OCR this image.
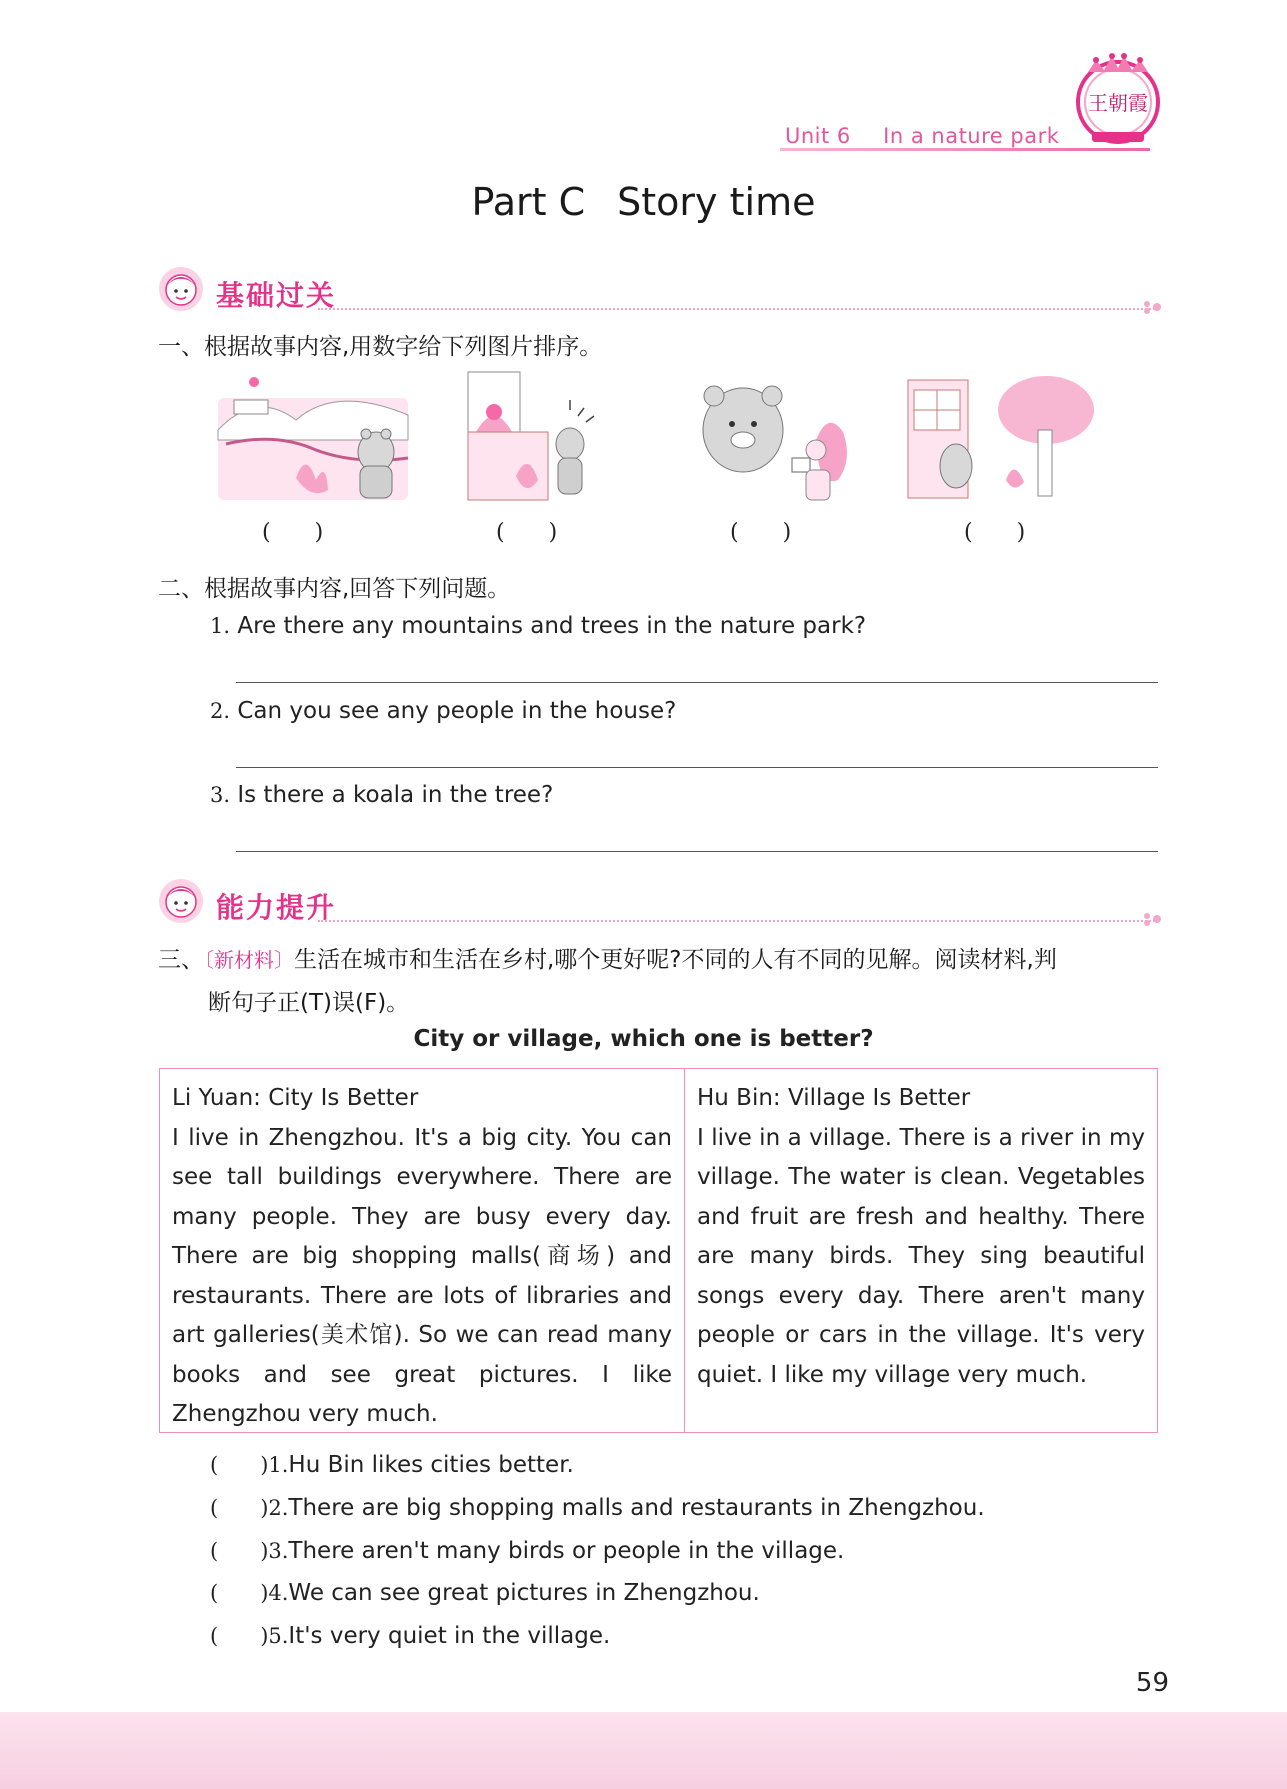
Unit 6 In a nature park
王朝霞
Part C Story time
基础过关
一、根据故事内容,用数字给下列图片排序。
(　　)	(　　)	(　　)	(　　)
二、根据故事内容,回答下列问题。
1. Are there any mountains and trees in the nature park?
2. Can you see any people in the house?
3. Is there a koala in the tree?
能力提升
三、〔新材料〕生活在城市和生活在乡村,哪个更好呢?不同的人有不同的见解。阅读材料,判
断句子正(T)误(F)。
City or village, which one is better?
Li Yuan: City Is Better
I live in Zhengzhou. It's a big city. You can see tall buildings everywhere. There are many people. They are busy every day. There are big shopping malls(商场) and restaurants. There are lots of libraries and art galleries(美术馆). So we can read many books and see great pictures. I like Zhengzhou very much.
Hu Bin: Village Is Better
I live in a village. There is a river in my village. The water is clean. Vegetables and fruit are fresh and healthy. There are many birds. They sing beautiful songs every day. There aren't many people or cars in the village. It's very quiet. I like my village very much.
(　　)1.Hu Bin likes cities better.
(　　)2.There are big shopping malls and restaurants in Zhengzhou.
(　　)3.There aren't many birds or people in the village.
(　　)4.We can see great pictures in Zhengzhou.
(　　)5.It's very quiet in the village.
59
